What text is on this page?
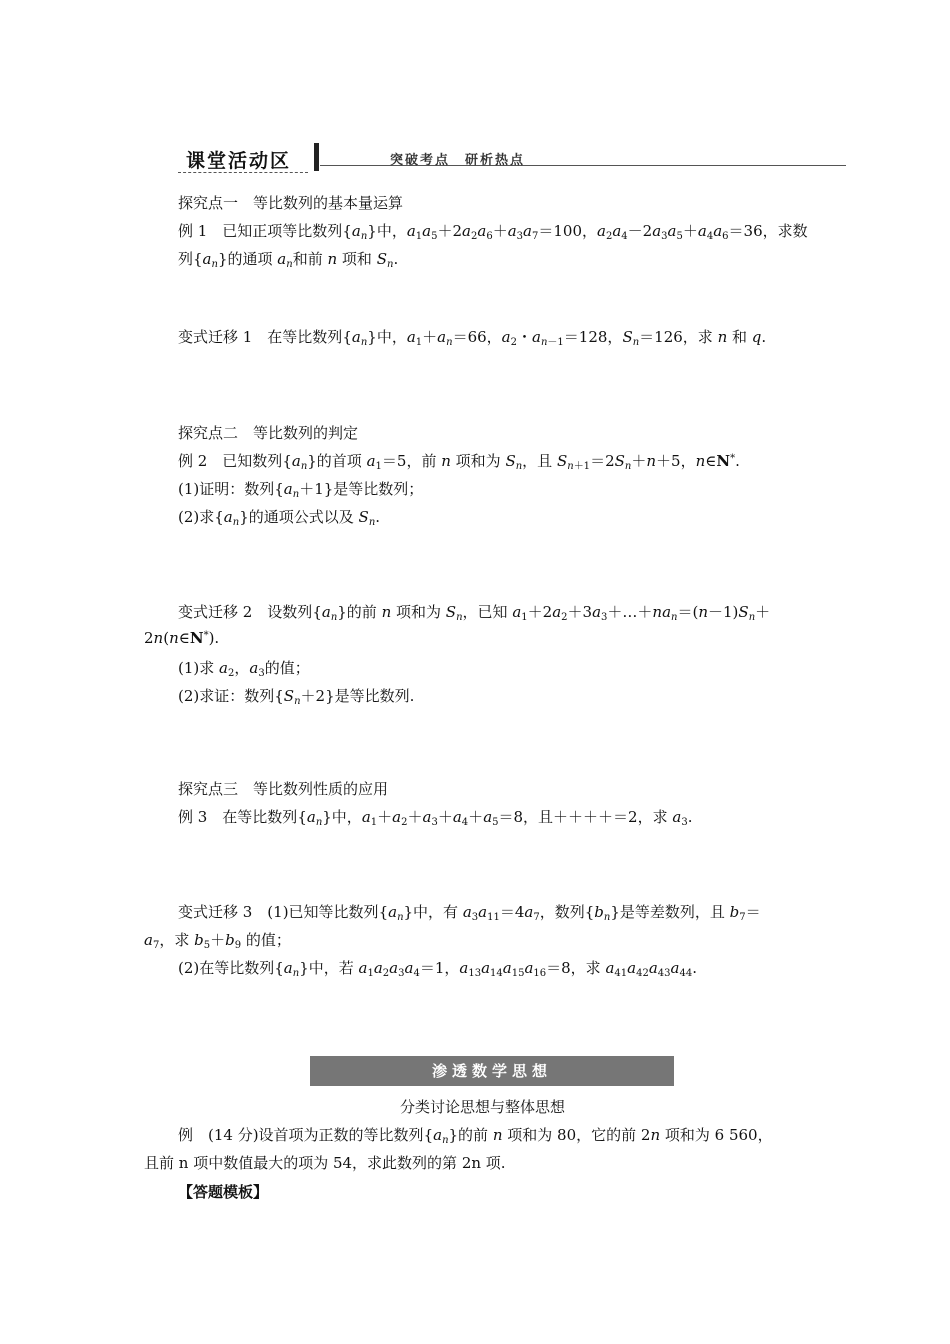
课堂活动区	突破考点　研析热点
探究点一　等比数列的基本量运算
例 1　已知正项等比数列$\{a_n\}$中，$a_1a_5+2a_2a_6+a_3a_7=100$，$a_2a_4-2a_3a_5+a_4a_6=36$，求数
列$\{a_n\}$的通项 $a_n$和前 n 项和 $S_n$.
变式迁移 1　在等比数列$\{a_n\}$中，$a_1+a_n=66$，$a_2$・$a_{n-1}=128$，$S_n=126$，求 n 和 q.
探究点二　等比数列的判定
例 2　已知数列$\{a_n\}$的首项 $a_1=5$，前 n 项和为 $S_n$，且 $S_{n+1}=2S_n+n+5$，n∈N*.
(1)证明：数列$\{a_n+1\}$是等比数列；
(2)求$\{a_n\}$的通项公式以及 $S_n$.
变式迁移 2　设数列$\{a_n\}$的前 n 项和为 $S_n$，已知 $a_1+2a_2+3a_3+\dots+na_n=(n-1)S_n+$
2n(n∈N*).
(1)求 $a_2$，$a_3$的值；
(2)求证：数列$\{S_n+2\}$是等比数列.
探究点三　等比数列性质的应用
例 3　在等比数列$\{a_n\}$中，$a_1+a_2+a_3+a_4+a_5=8$，且＋＋＋＋＝2，求 $a_3$.
变式迁移 3　(1)已知等比数列$\{a_n\}$中，有 $a_3a_{11}=4a_7$，数列$\{b_n\}$是等差数列，且 $b_7=$
$a_7$，求 $b_5+b_9$ 的值；
(2)在等比数列$\{a_n\}$中，若 $a_1a_2a_3a_4=1$，$a_{13}a_{14}a_{15}a_{16}=8$，求 $a_{41}a_{42}a_{43}a_{44}$.
渗透数学思想
分类讨论思想与整体思想
例　(14 分)设首项为正数的等比数列$\{a_n\}$的前 n 项和为 80，它的前 2n 项和为 6 560，
且前 n 项中数值最大的项为 54，求此数列的第 2n 项.
【答题模板】
